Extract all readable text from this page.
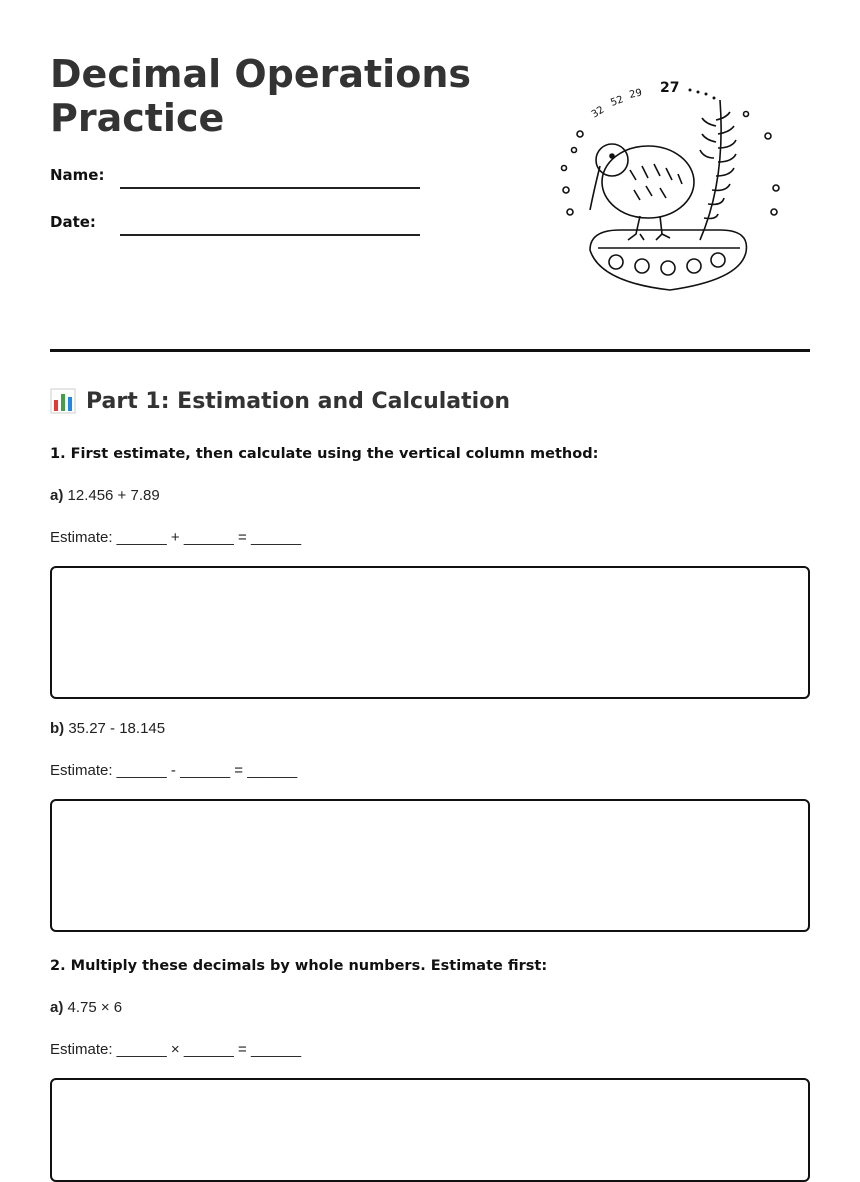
Decimal Operations
Practice
Name:
Date:
27
29
52
32
Part 1: Estimation and Calculation
1. First estimate, then calculate using the vertical column method:
a) 12.456 + 7.89
Estimate: ______ + ______ = ______
b) 35.27 - 18.145
Estimate: ______ - ______ = ______
2. Multiply these decimals by whole numbers. Estimate first:
a) 4.75 × 6
Estimate: ______ × ______ = ______
